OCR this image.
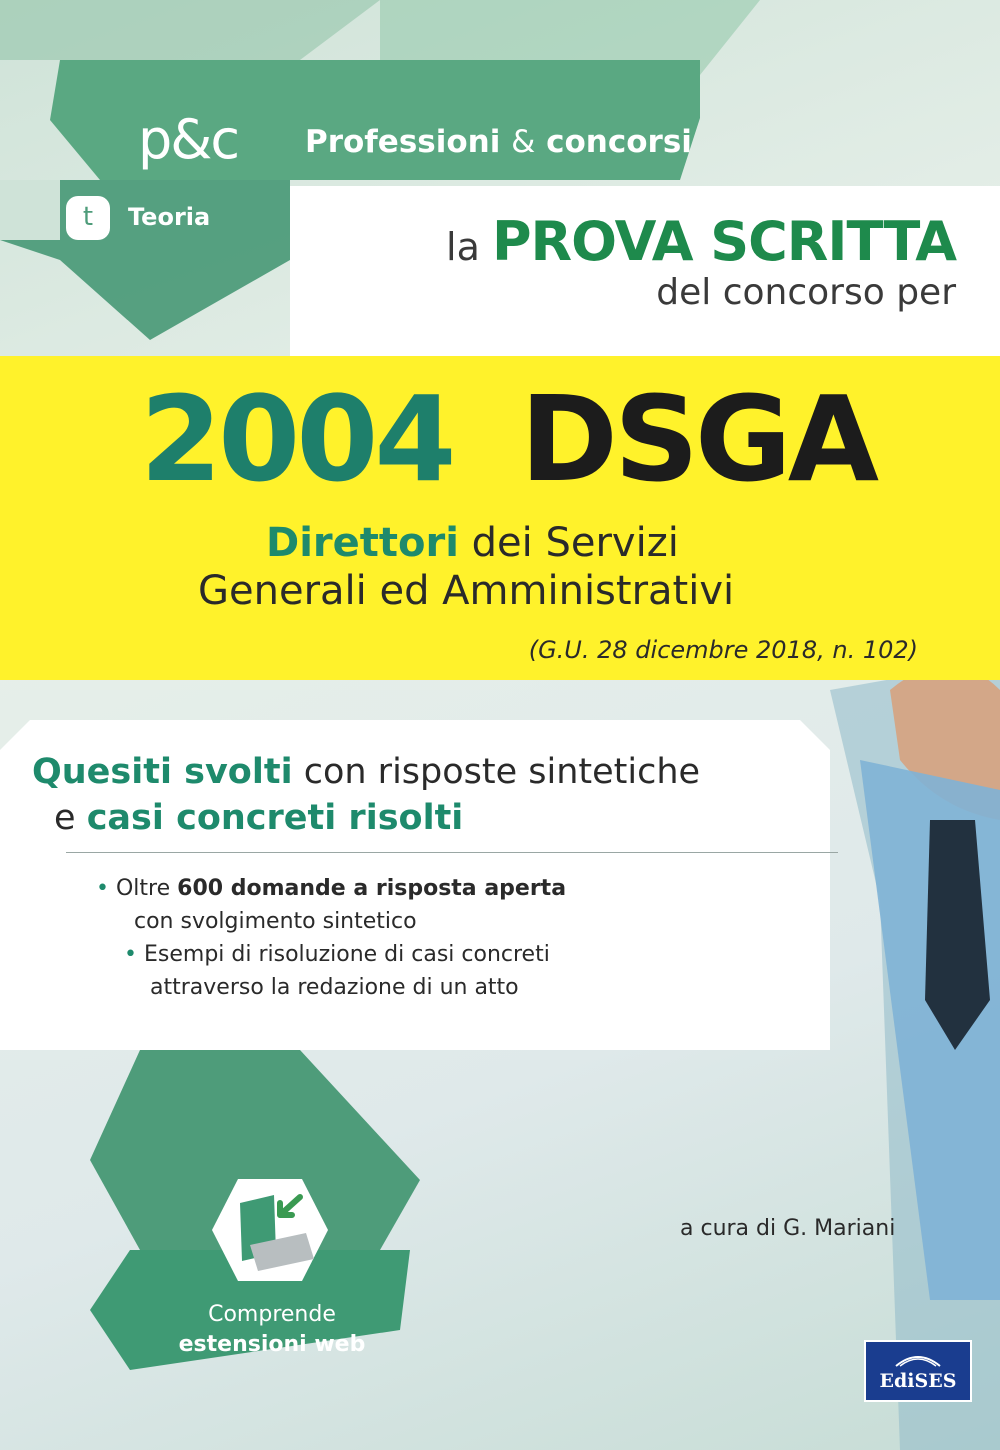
p&c Professioni & concorsi
t	Teoria
la PROVA SCRITTA
del concorso per
2004 DSGA
Direttori dei Servizi
Generali ed Amministrativi
(G.U. 28 dicembre 2018, n. 102)
Quesiti svolti con risposte sintetiche
e casi concreti risolti
• Oltre 600 domande a risposta aperta
con svolgimento sintetico
• Esempi di risoluzione di casi concreti
attraverso la redazione di un atto
a cura di G. Mariani
Comprende
estensioni web
EdiSES
